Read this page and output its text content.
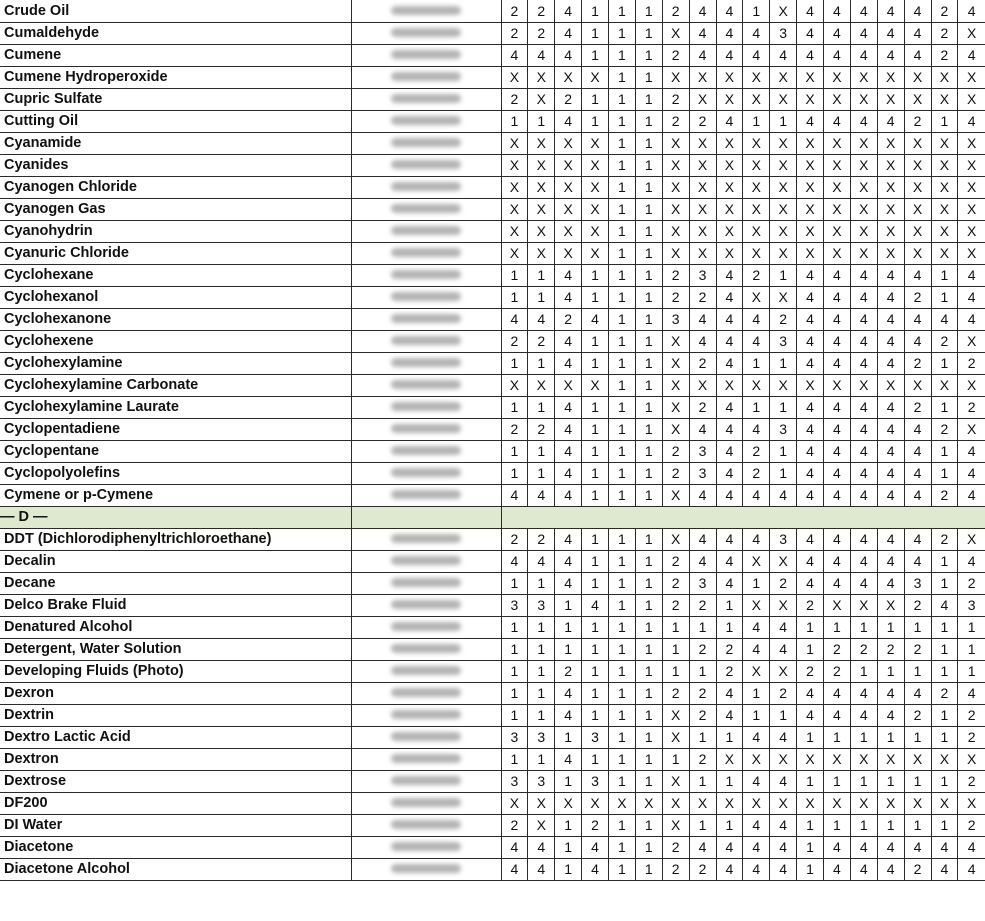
Crude Oil		2	2	4	1	1	1	2	4	4	1	X	4	4	4	4	4	2	4
Cumaldehyde		2	2	4	1	1	1	X	4	4	4	3	4	4	4	4	4	2	X
Cumene		4	4	4	1	1	1	2	4	4	4	4	4	4	4	4	4	2	4
Cumene Hydroperoxide		X	X	X	X	1	1	X	X	X	X	X	X	X	X	X	X	X	X
Cupric Sulfate		2	X	2	1	1	1	2	X	X	X	X	X	X	X	X	X	X	X
Cutting Oil		1	1	4	1	1	1	2	2	4	1	1	4	4	4	4	2	1	4
Cyanamide		X	X	X	X	1	1	X	X	X	X	X	X	X	X	X	X	X	X
Cyanides		X	X	X	X	1	1	X	X	X	X	X	X	X	X	X	X	X	X
Cyanogen Chloride		X	X	X	X	1	1	X	X	X	X	X	X	X	X	X	X	X	X
Cyanogen Gas		X	X	X	X	1	1	X	X	X	X	X	X	X	X	X	X	X	X
Cyanohydrin		X	X	X	X	1	1	X	X	X	X	X	X	X	X	X	X	X	X
Cyanuric Chloride		X	X	X	X	1	1	X	X	X	X	X	X	X	X	X	X	X	X
Cyclohexane		1	1	4	1	1	1	2	3	4	2	1	4	4	4	4	4	1	4
Cyclohexanol		1	1	4	1	1	1	2	2	4	X	X	4	4	4	4	2	1	4
Cyclohexanone		4	4	2	4	1	1	3	4	4	4	2	4	4	4	4	4	4	4
Cyclohexene		2	2	4	1	1	1	X	4	4	4	3	4	4	4	4	4	2	X
Cyclohexylamine		1	1	4	1	1	1	X	2	4	1	1	4	4	4	4	2	1	2
Cyclohexylamine Carbonate		X	X	X	X	1	1	X	X	X	X	X	X	X	X	X	X	X	X
Cyclohexylamine Laurate		1	1	4	1	1	1	X	2	4	1	1	4	4	4	4	2	1	2
Cyclopentadiene		2	2	4	1	1	1	X	4	4	4	3	4	4	4	4	4	2	X
Cyclopentane		1	1	4	1	1	1	2	3	4	2	1	4	4	4	4	4	1	4
Cyclopolyolefins		1	1	4	1	1	1	2	3	4	2	1	4	4	4	4	4	1	4
Cymene or p-Cymene		4	4	4	1	1	1	X	4	4	4	4	4	4	4	4	4	2	4
— D —																			
DDT (Dichlorodiphenyltrichloroethane)		2	2	4	1	1	1	X	4	4	4	3	4	4	4	4	4	2	X
Decalin		4	4	4	1	1	1	2	4	4	X	X	4	4	4	4	4	1	4
Decane		1	1	4	1	1	1	2	3	4	1	2	4	4	4	4	3	1	2
Delco Brake Fluid		3	3	1	4	1	1	2	2	1	X	X	2	X	X	X	2	4	3
Denatured Alcohol		1	1	1	1	1	1	1	1	1	4	4	1	1	1	1	1	1	1
Detergent, Water Solution		1	1	1	1	1	1	1	2	2	4	4	1	2	2	2	2	1	1
Developing Fluids (Photo)		1	1	2	1	1	1	1	1	2	X	X	2	2	1	1	1	1	1
Dexron		1	1	4	1	1	1	2	2	4	1	2	4	4	4	4	4	2	4
Dextrin		1	1	4	1	1	1	X	2	4	1	1	4	4	4	4	2	1	2
Dextro Lactic Acid		3	3	1	3	1	1	X	1	1	4	4	1	1	1	1	1	1	2
Dextron		1	1	4	1	1	1	1	2	X	X	X	X	X	X	X	X	X	X
Dextrose		3	3	1	3	1	1	X	1	1	4	4	1	1	1	1	1	1	2
DF200		X	X	X	X	X	X	X	X	X	X	X	X	X	X	X	X	X	X
DI Water		2	X	1	2	1	1	X	1	1	4	4	1	1	1	1	1	1	2
Diacetone		4	4	1	4	1	1	2	4	4	4	4	1	4	4	4	4	4	4
Diacetone Alcohol		4	4	1	4	1	1	2	2	4	4	4	1	4	4	4	2	4	4
